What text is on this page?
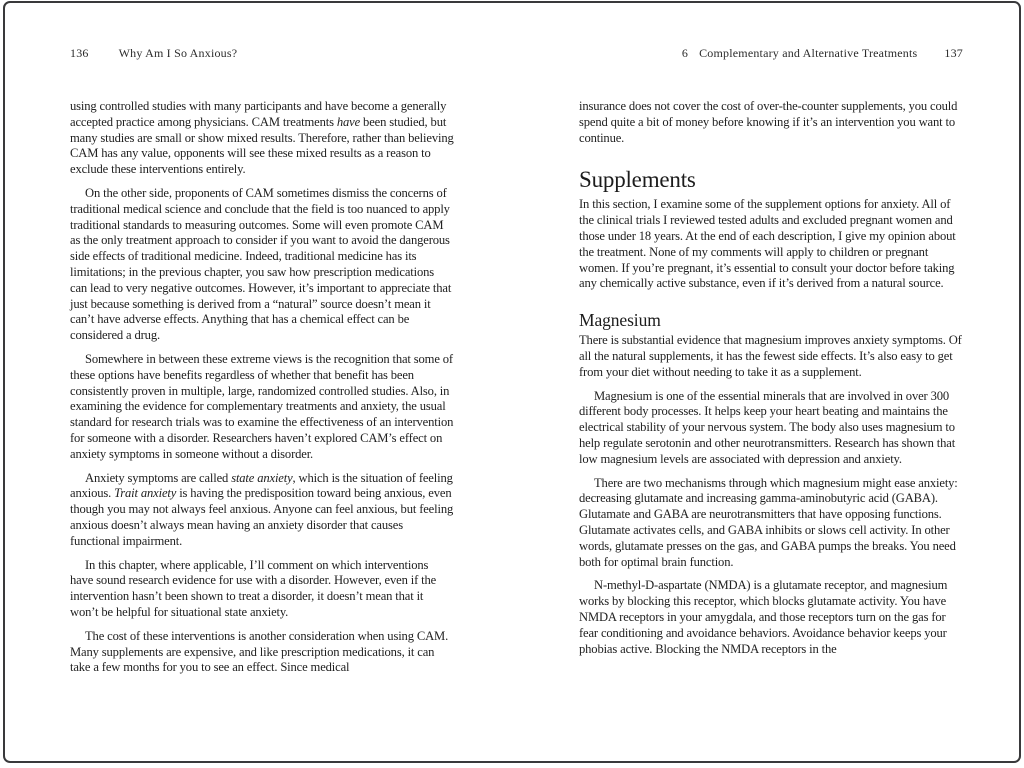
136	Why Am I So Anxious?

using controlled studies with many participants and have become a generally accepted practice among physicians. CAM treatments have been studied, but many studies are small or show mixed results. Therefore, rather than believing CAM has any value, opponents will see these mixed results as a reason to exclude these interventions entirely.

On the other side, proponents of CAM sometimes dismiss the concerns of traditional medical science and conclude that the field is too nuanced to apply traditional standards to measuring outcomes. Some will even promote CAM as the only treatment approach to consider if you want to avoid the dangerous side effects of traditional medicine. Indeed, traditional medicine has its limitations; in the previous chapter, you saw how prescription medications can lead to very negative outcomes. However, it’s important to appreciate that just because something is derived from a “natural” source doesn’t mean it can’t have adverse effects. Anything that has a chemical effect can be considered a drug.

Somewhere in between these extreme views is the recognition that some of these options have benefits regardless of whether that benefit has been consistently proven in multiple, large, randomized controlled studies. Also, in examining the evidence for complementary treatments and anxiety, the usual standard for research trials was to examine the effectiveness of an intervention for someone with a disorder. Researchers haven’t explored CAM’s effect on anxiety symptoms in someone without a disorder.

Anxiety symptoms are called state anxiety, which is the situation of feeling anxious. Trait anxiety is having the predisposition toward being anxious, even though you may not always feel anxious. Anyone can feel anxious, but feeling anxious doesn’t always mean having an anxiety disorder that causes functional impairment.

In this chapter, where applicable, I’ll comment on which interventions have sound research evidence for use with a disorder. However, even if the intervention hasn’t been shown to treat a disorder, it doesn’t mean that it won’t be helpful for situational state anxiety.

The cost of these interventions is another consideration when using CAM. Many supplements are expensive, and like prescription medications, it can take a few months for you to see an effect. Since medical

6 Complementary and Alternative Treatments 137

insurance does not cover the cost of over-the-counter supplements, you could spend quite a bit of money before knowing if it’s an intervention you want to continue.

Supplements

In this section, I examine some of the supplement options for anxiety. All of the clinical trials I reviewed tested adults and excluded pregnant women and those under 18 years. At the end of each description, I give my opinion about the treatment. None of my comments will apply to children or pregnant women. If you’re pregnant, it’s essential to consult your doctor before taking any chemically active substance, even if it’s derived from a natural source.

Magnesium

There is substantial evidence that magnesium improves anxiety symptoms. Of all the natural supplements, it has the fewest side effects. It’s also easy to get from your diet without needing to take it as a supplement.

Magnesium is one of the essential minerals that are involved in over 300 different body processes. It helps keep your heart beating and maintains the electrical stability of your nervous system. The body also uses magnesium to help regulate serotonin and other neurotransmitters. Research has shown that low magnesium levels are associated with depression and anxiety.

There are two mechanisms through which magnesium might ease anxiety: decreasing glutamate and increasing gamma-aminobutyric acid (GABA). Glutamate and GABA are neurotransmitters that have opposing functions. Glutamate activates cells, and GABA inhibits or slows cell activity. In other words, glutamate presses on the gas, and GABA pumps the breaks. You need both for optimal brain function.

N-methyl-D-aspartate (NMDA) is a glutamate receptor, and magnesium works by blocking this receptor, which blocks glutamate activity. You have NMDA receptors in your amygdala, and those receptors turn on the gas for fear conditioning and avoidance behaviors. Avoidance behavior keeps your phobias active. Blocking the NMDA receptors in the
